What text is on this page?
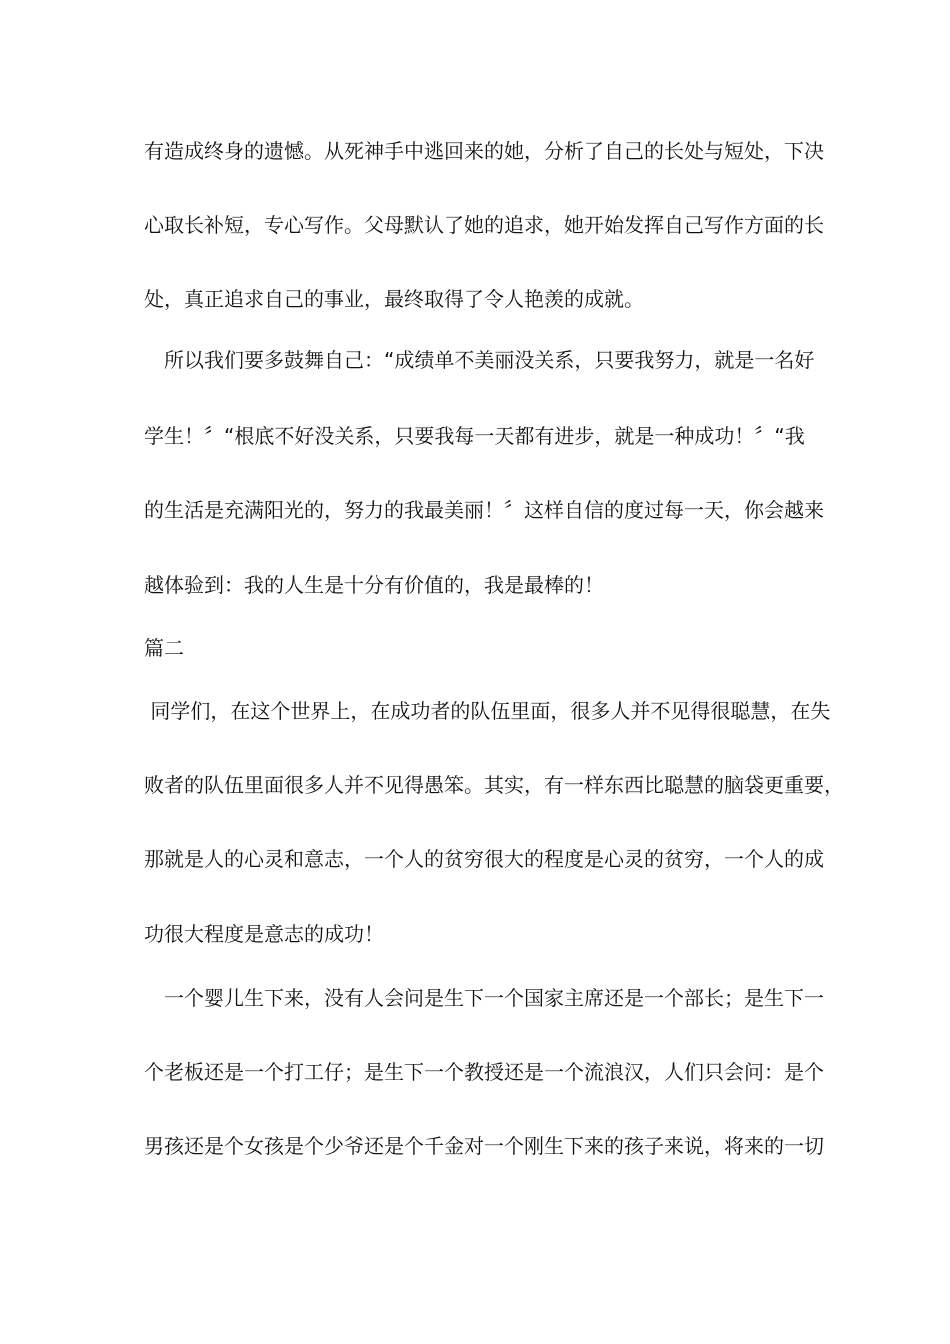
有造成终身的遗憾。从死神手中逃回来的她，分析了自己的长处与短处，下决
心取长补短，专心写作。父母默认了她的追求，她开始发挥自己写作方面的长
处，真正追求自己的事业，最终取得了令人艳羡的成就。
　所以我们要多鼓舞自己：“成绩单不美丽没关系，只要我努力，就是一名好
学生！〞“根底不好没关系，只要我每一天都有进步，就是一种成功！〞“我
的生活是充满阳光的，努力的我最美丽！〞这样自信的度过每一天，你会越来
越体验到：我的人生是十分有价值的，我是最棒的！
篇二
同学们，在这个世界上，在成功者的队伍里面，很多人并不见得很聪慧，在失
败者的队伍里面很多人并不见得愚笨。其实，有一样东西比聪慧的脑袋更重要，
那就是人的心灵和意志，一个人的贫穷很大的程度是心灵的贫穷，一个人的成
功很大程度是意志的成功！
　一个婴儿生下来，没有人会问是生下一个国家主席还是一个部长；是生下一
个老板还是一个打工仔；是生下一个教授还是一个流浪汉，人们只会问：是个
男孩还是个女孩是个少爷还是个千金对一个刚生下来的孩子来说，将来的一切
